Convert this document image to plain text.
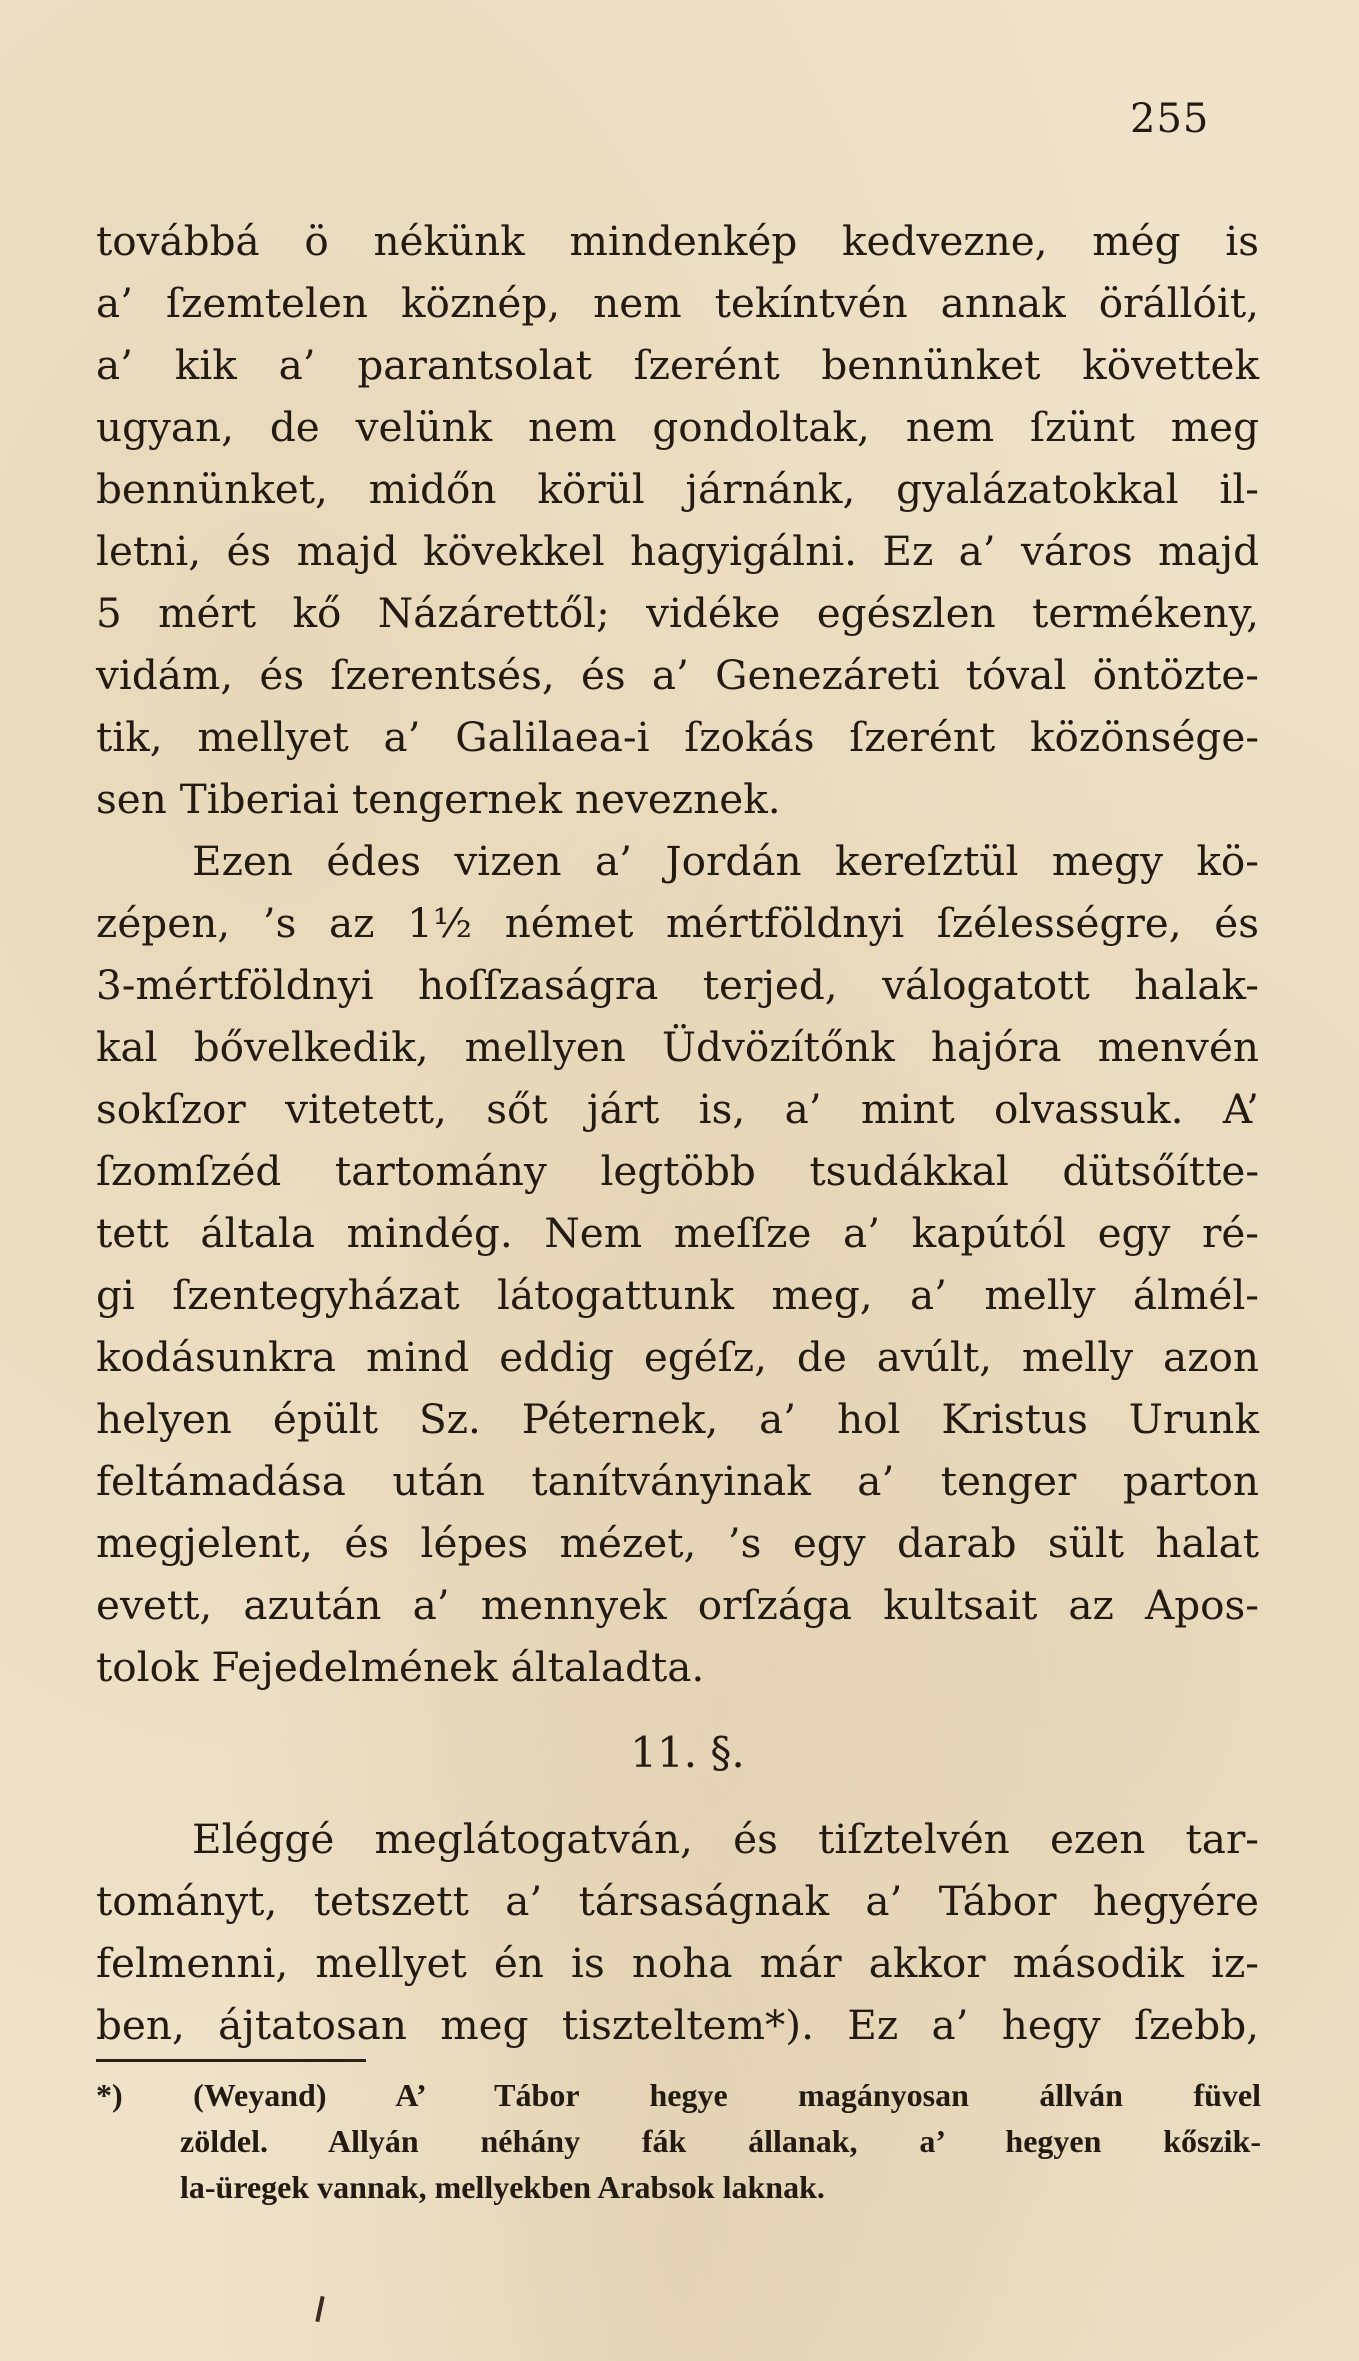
255
továbbá ö nékünk mindenkép kedvezne, még is
a’ ſzemtelen köznép, nem tekíntvén annak örállóit,
a’ kik a’ parantsolat ſzerént bennünket követtek
ugyan, de velünk nem gondoltak, nem ſzünt meg
bennünket, midőn körül járnánk, gyalázatokkal il-
letni, és majd kövekkel hagyigálni. Ez a’ város majd
5 mért kő Názárettől; vidéke egészlen termékeny,
vidám, és ſzerentsés, és a’ Genezáreti tóval öntözte-
tik, mellyet a’ Galilaea-i ſzokás ſzerént közönsége-
sen Tiberiai tengernek neveznek.
Ezen édes vizen a’ Jordán kereſztül megy kö-
zépen, ’s az 1½ német mértföldnyi ſzélességre, és
3-mértföldnyi hoſſzaságra terjed, válogatott halak-
kal bővelkedik, mellyen Üdvözítőnk hajóra menvén
sokſzor vitetett, sőt járt is, a’ mint olvassuk. A’
ſzomſzéd tartomány legtöbb tsudákkal dütsőítte-
tett általa mindég. Nem meſſze a’ kapútól egy ré-
gi ſzentegyházat látogattunk meg, a’ melly álmél-
kodásunkra mind eddig egéſz, de avúlt, melly azon
helyen épült Sz. Péternek, a’ hol Kristus Urunk
feltámadása után tanítványinak a’ tenger parton
megjelent, és lépes mézet, ’s egy darab sült halat
evett, azután a’ mennyek orſzága kultsait az Apos-
tolok Fejedelmének általadta.
11. §.
Eléggé meglátogatván, és tiſztelvén ezen tar-
tományt, tetszett a’ társaságnak a’ Tábor hegyére
felmenni, mellyet én is noha már akkor második iz-
ben, ájtatosan meg tiszteltem*). Ez a’ hegy ſzebb,
*) (Weyand) A’ Tábor hegye magányosan állván füvel
zöldel. Allyán néhány fák állanak, a’ hegyen kőszik-
la-üregek vannak, mellyekben Arabsok laknak.
